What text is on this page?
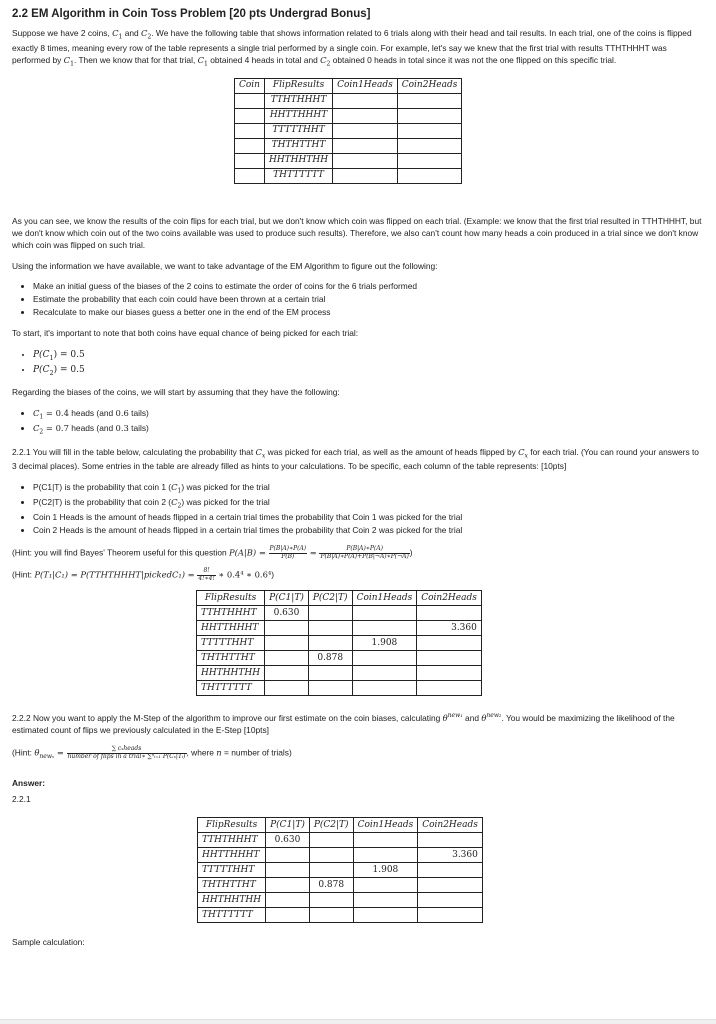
2.2 EM Algorithm in Coin Toss Problem [20 pts Undergrad Bonus]

Suppose we have 2 coins, $C_1$ and $C_2$. We have the following table that shows information related to 6 trials along with their head and tail results. In each trial, one of the coins is flipped exactly 8 times, meaning every row of the table represents a single trial performed by a single coin. For example, let's say we knew that the first trial with results TTHTHHHT was performed by $C_1$. Then we know that for that trial, $C_1$ obtained 4 heads in total and $C_2$ obtained 0 heads in total since it was not the one flipped on this specific trial.

Coin	FlipResults	Coin1Heads	Coin2Heads
	TTHTHHHT		
	HHTTHHHT		
	TTTTTHHT		
	THTHTTHT		
	HHTHHTHH		
	THTTTTTT		

As you can see, we know the results of the coin flips for each trial, but we don't know which coin was flipped on each trial. (Example: we know that the first trial resulted in TTHTHHHT, but we don't know which coin out of the two coins available was used to produce such results). Therefore, we also can't count how many heads a coin produced in a trial since we don't know which coin was flipped on such trial.

Using the information we have available, we want to take advantage of the EM Algorithm to figure out the following:

• Make an initial guess of the biases of the 2 coins to estimate the order of coins for the 6 trials performed
• Estimate the probability that each coin could have been thrown at a certain trial
• Recalculate to make our biases guess a better one in the end of the EM process

To start, it's important to note that both coins have equal chance of being picked for each trial:

• $P(C_1) = 0.5$
• $P(C_2) = 0.5$

Regarding the biases of the coins, we will start by assuming that they have the following:

• $C_1 = 0.4$ heads (and 0.6 tails)
• $C_2 = 0.7$ heads (and 0.3 tails)

2.2.1 You will fill in the table below, calculating the probability that $C_x$ was picked for each trial, as well as the amount of heads flipped by $C_x$ for each trial. (You can round your answers to 3 decimal places). Some entries in the table are already filled as hints to your calculations. To be specific, each column of the table represents: [10pts]

• P(C1|T) is the probability that coin 1 $(C_1)$ was picked for the trial
• P(C2|T) is the probability that coin 2 $(C_2)$ was picked for the trial
• Coin 1 Heads is the amount of heads flipped in a certain trial times the probability that Coin 1 was picked for the trial
• Coin 2 Heads is the amount of heads flipped in a certain trial times the probability that Coin 2 was picked for the trial
(Hint: you will find Bayes' Theorem useful for this question $P(A|B) = \frac{P(B|A)∗P(A)}{P(B)} = \frac{P(B|A)∗P(A)}{P(B|A)∗P(A)+P(B|\neg A)∗P(\neg A)}$ )
(Hint: P(T₁|C₁) = P(TTHTHHHT|pickedC₁) = $\frac{8!}{4!∗4!}$ ∗ 0.4⁴ ∗ 0.6⁴)
FlipResults	P(C1|T)	P(C2|T)	Coin1Heads	Coin2Heads
TTHTHHHT	0.630			
HHTTHHHT				3.360
TTTTTHHT			1.908	
THTHTTHT		0.878		
HHTHHTHH				
THTTTTTT				

2.2.2 Now you want to apply the M-Step of the algorithm to improve our first estimate on the coin biases, calculating $\theta^{new_1}$ and $\theta^{new_2}$. You would be maximizing the likelihood of the estimated count of flips we previously calculated in the E-Step [10pts]

(Hint: $\theta_{new_x} = \frac{\text{∑ cₓheads}}{\text{number of flips in a trial∗ ∑ⁿᵢ₌₁ P(Cₓ|Tᵢ)}}$ , where n = number of trials)
Answer:
2.2.1
FlipResults	P(C1|T)	P(C2|T)	Coin1Heads	Coin2Heads
TTHTHHHT	0.630			
HHTTHHHT				3.360
TTTTTHHT			1.908	
THTHTTHT		0.878		
HHTHHTHH				
THTTTTTT				
Sample calculation:
